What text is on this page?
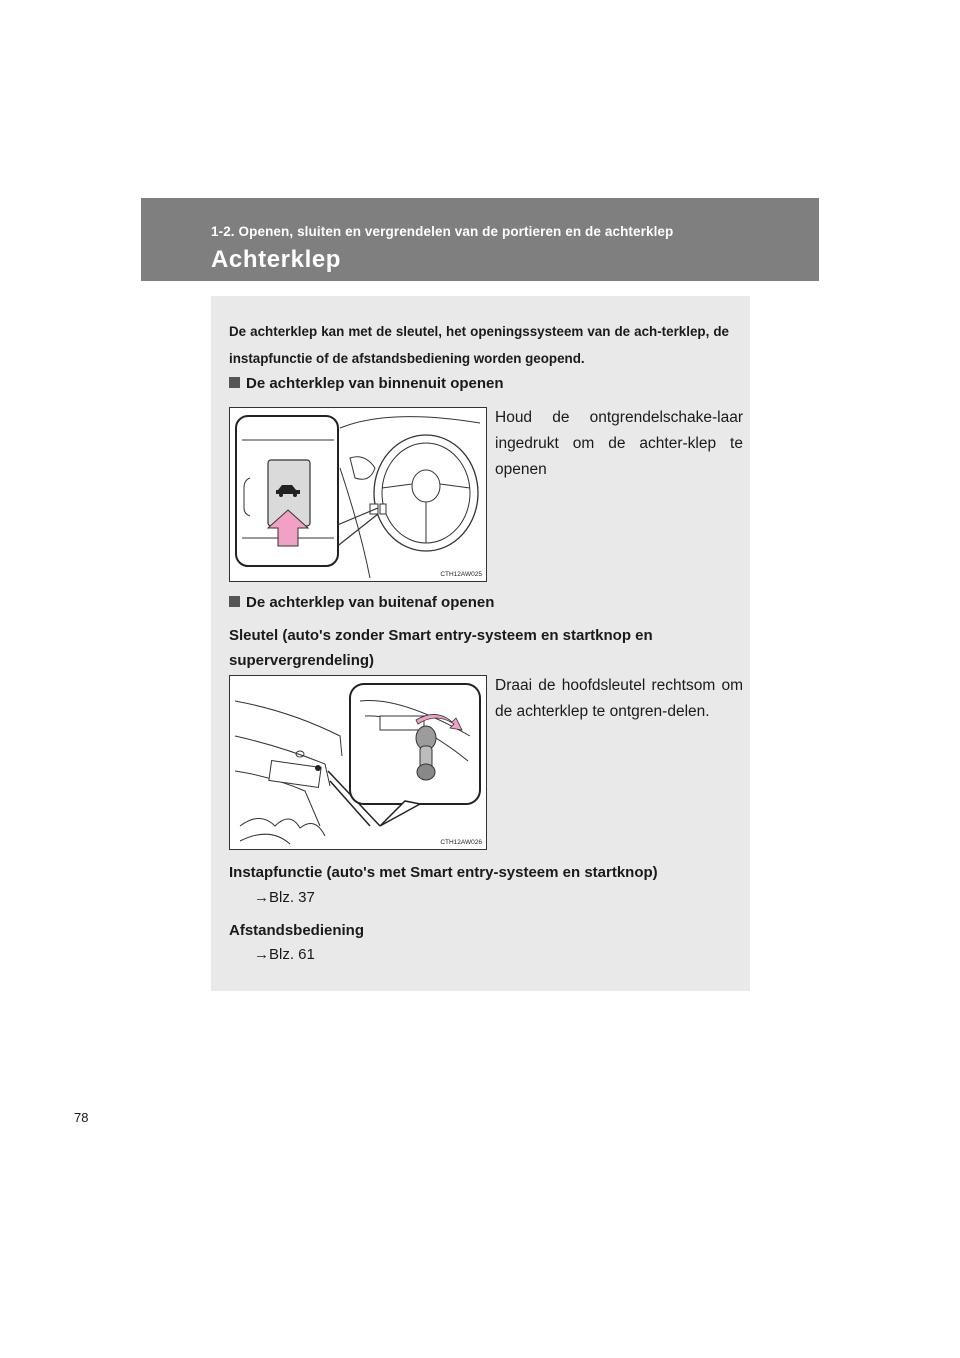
1-2. Openen, sluiten en vergrendelen van de portieren en de achterklep
Achterklep
De achterklep kan met de sleutel, het openingssysteem van de ach-terklep, de instapfunctie of de afstandsbediening worden geopend.
De achterklep van binnenuit openen
CTH12AW025
Houd de ontgrendelschake-laar ingedrukt om de achter-klep te openen
De achterklep van buitenaf openen
Sleutel (auto's zonder Smart entry-systeem en startknop en supervergrendeling)
CTH12AW026
Draai de hoofdsleutel rechtsom om de achterklep te ontgren-delen.
Instapfunctie (auto's met Smart entry-systeem en startknop)
→Blz. 37
Afstandsbediening
→Blz. 61
78
